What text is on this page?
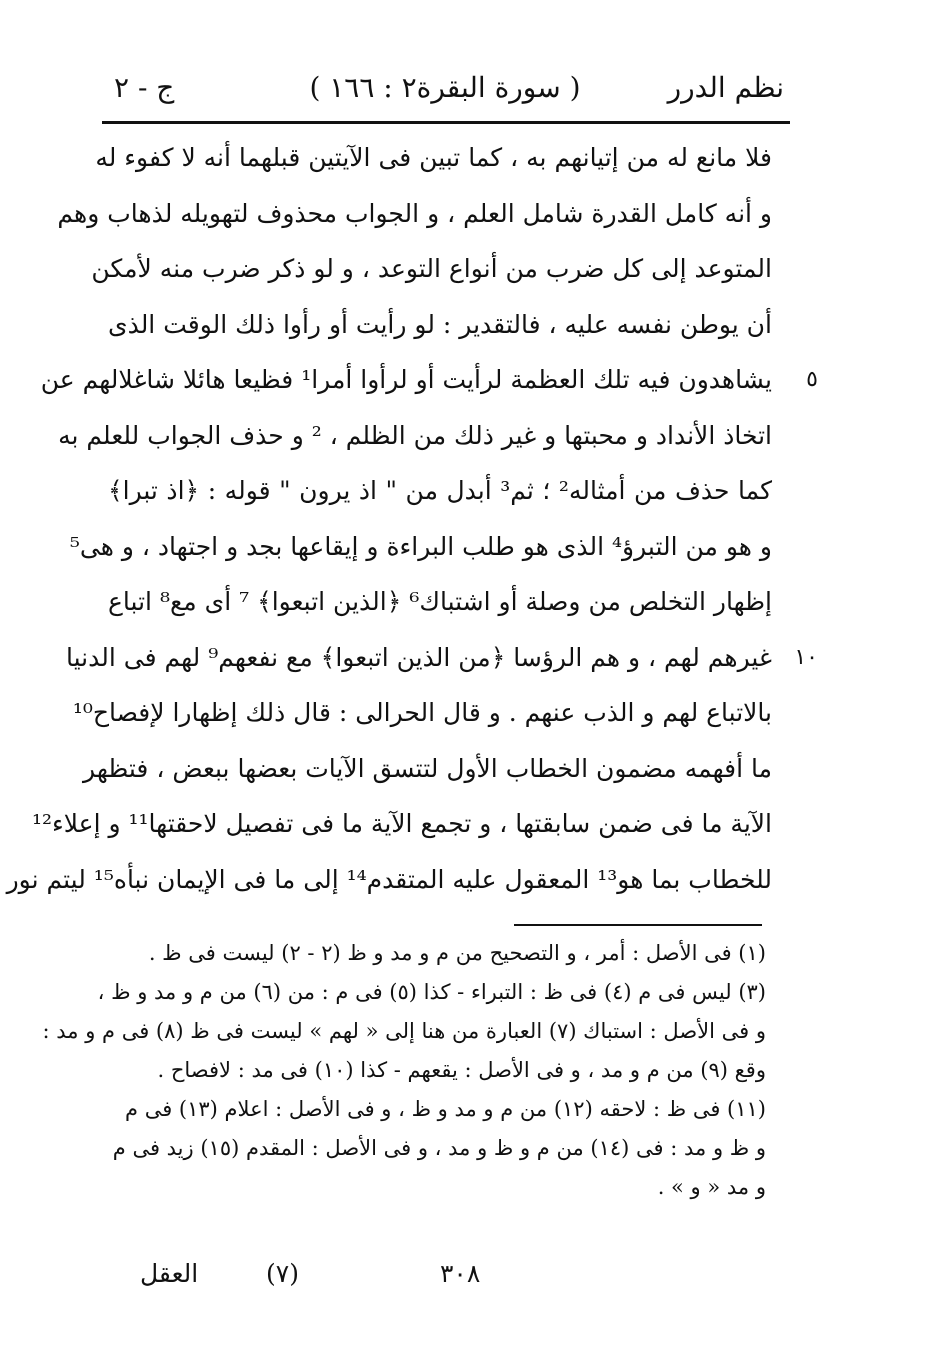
نظم الدرر
( سورة البقرة٢ : ١٦٦ )
ج - ٢
فلا مانع له من إتيانهم به ، كما تبين فى الآيتين قبلهما أنه لا كفوء له
و أنه كامل القدرة شامل العلم ، و الجواب محذوف لتهويله لذهاب وهم
المتوعد إلى كل ضرب من أنواع التوعد ، و لو ذكر ضرب منه لأمكن
أن يوطن نفسه عليه ، فالتقدير : لو رأيت أو رأوا ذلك الوقت الذى
٥
يشاهدون فيه تلك العظمة لرأيت أو لرأوا أمرا¹ فظيعا هائلا شاغلالهم عن
اتخاذ الأنداد و محبتها و غير ذلك من الظلم ، ² و حذف الجواب للعلم به
كما حذف من أمثاله² ؛ ثم³ أبدل من " اذ يرون " قوله : ﴿اذ تبرا﴾
و هو من التبرؤ⁴ الذى هو طلب البراءة و إيقاعها بجد و اجتهاد ، و هى⁵
إظهار التخلص من وصلة أو اشتباك⁶ ﴿الذين اتبعوا﴾ ⁷ أى مع⁸ اتباع
١٠
غيرهم لهم ، و هم الرؤسا ﴿من الذين اتبعوا﴾ مع نفعهم⁹ لهم فى الدنيا
بالاتباع لهم و الذب عنهم . و قال الحرالى : قال ذلك إظهارا لإفصاح¹⁰
ما أفهمه مضمون الخطاب الأول لتتسق الآيات بعضها ببعض ، فتظهر
الآية ما فى ضمن سابقتها ، و تجمع الآية ما فى تفصيل لاحقتها¹¹ و إعلاء¹²
للخطاب بما هو¹³ المعقول عليه المتقدم¹⁴ إلى ما فى الإيمان نبأه¹⁵ ليتم نور
(١) فى الأصل : أمر ، و التصحيح من م و مد و ظ (٢ - ٢) ليست فى ظ .
(٣) ليس فى م (٤) فى ظ : التبراء - كذا (٥) فى م : من (٦) من م و مد و ظ ،
و فى الأصل : استباك (٧) العبارة من هنا إلى « لهم » ليست فى ظ (٨) فى م و مد :
وقع (٩) من م و مد ، و فى الأصل : يقعهم - كذا (١٠) فى مد : لافصاح .
(١١) فى ظ : لاحقه (١٢) من م و مد و ظ ، و فى الأصل : اعلام (١٣) فى م
و ظ و مد : فى (١٤) من م و ظ و مد ، و فى الأصل : المقدم (١٥) زيد فى م
و مد « و » .
العقل	(٧)	٣٠٨
